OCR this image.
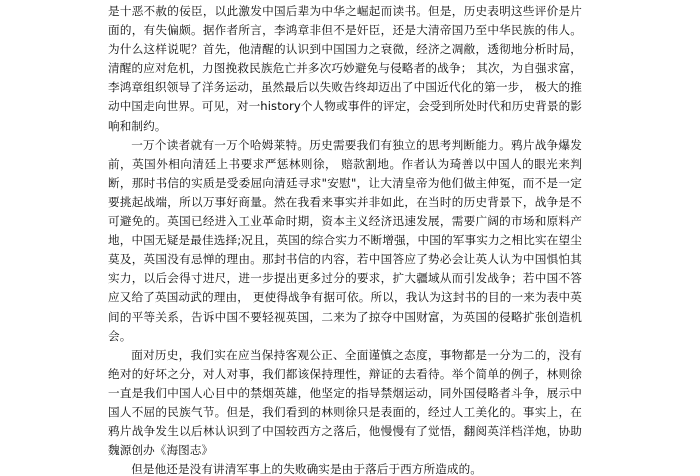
是十恶不赦的佞臣，以此激发中国后辈为中华之崛起而读书。但是，历史表明这些评价是片面的，有失偏颇。据作者所言，李鸿章非但不是奸臣，还是大清帝国乃至中华民族的伟人。为什么这样说呢？首先，他清醒的认识到中国国力之衰微，经济之凋敝，透彻地分析时局，清醒的应对危机，力图挽救民族危亡并多次巧妙避免与侵略者的战争； 其次，为自强求富，李鸿章组织领导了洋务运动，虽然最后以失败告终却迈出了中国近代化的第一步， 极大的推动中国走向世界。可见，对一history个人物或事件的评定，会受到所处时代和历史背景的影响和制约。

一万个读者就有一万个哈姆莱特。历史需要我们有独立的思考判断能力。鸦片战争爆发前，英国外相向清廷上书要求严惩林则徐， 赔款割地。作者认为琦善以中国人的眼光来判断，那时书信的实质是受委屈向清廷寻求"安慰"，让大清皇帝为他们做主伸冤，而不是一定要挑起战端，所以万事好商量。然在我看来事实并非如此，在当时的历史背景下，战争是不可避免的。英国已经进入工业革命时期，资本主义经济迅速发展，需要广阔的市场和原料产地，中国无疑是最佳选择;况且，英国的综合实力不断增强，中国的军事实力之相比实在望尘莫及，英国没有忌惮的理由。那封书信的内容，若中国答应了势必会让英人认为中国惧怕其实力，以后会得寸进尺，进一步提出更多过分的要求，扩大疆域从而引发战争；若中国不答应又给了英国动武的理由， 更使得战争有据可依。所以，我认为这封书的目的一来为表中英间的平等关系，告诉中国不要轻视英国，二来为了掠夺中国财富，为英国的侵略扩张创造机会。

面对历史，我们实在应当保持客观公正、全面谨慎之态度，事物都是一分为二的，没有绝对的好坏之分，对人对事，我们都该保持理性，辩证的去看待。举个简单的例子，林则徐一直是我们中国人心目中的禁烟英雄，他坚定的指导禁烟运动，同外国侵略者斗争，展示中国人不屈的民族气节。但是，我们看到的林则徐只是表面的，经过人工美化的。事实上，在鸦片战争发生以后林认识到了中国较西方之落后，他慢慢有了觉悟，翻阅英洋档洋炮，协助魏源创办《海图志》

但是他还是没有讲清军事上的失败确实是由于落后于西方所造成的。
